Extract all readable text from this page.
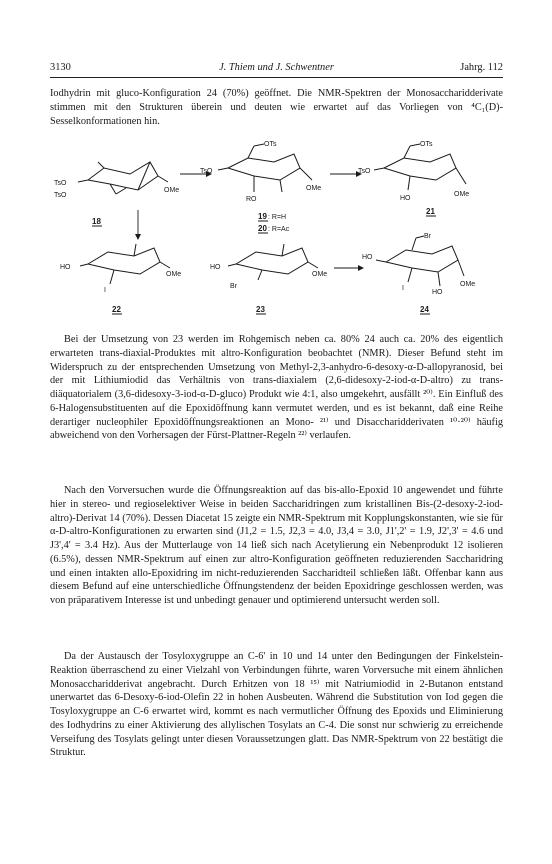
3130	J. Thiem und J. Schwentner	Jahrg. 112

Iodhydrin mit gluco-Konfiguration 24 (70%) geöffnet. Die NMR-Spektren der Monosaccharidderivate stimmen mit den Strukturen überein und deuten wie erwartet auf das Vorliegen von ⁴C₁(D)-Sesselkonformationen hin.

TsO
TsO
OMe
18
OTs
TsO
RO
OMe
19 : R=H
20 : R=Ac
OTs
TsO
HO
OMe
21
HO
I
OMe
22
HO
Br
OMe
23
Br
HO
I
HO
OMe
24

Bei der Umsetzung von 23 werden im Rohgemisch neben ca. 80% 24 auch ca. 20% des eigentlich erwarteten trans-diaxial-Produktes mit altro-Konfiguration beobachtet (NMR). Dieser Befund steht im Widerspruch zu der entsprechenden Umsetzung von Methyl-2,3-anhydro-6-desoxy-α-D-allopyranosid, bei der mit Lithiumiodid das Verhältnis von trans-diaxialem (2,6-didesoxy-2-iod-α-D-altro) zu trans-diäquatorialem (3,6-didesoxy-3-iod-α-D-gluco) Produkt wie 4:1, also umgekehrt, ausfällt ²⁰⁾. Ein Einfluß des 6-Halogensubstituenten auf die Epoxidöffnung kann vermutet werden, und es ist bekannt, daß eine Reihe derartiger nucleophiler Epoxidöffnungsreaktionen an Mono- ²¹⁾ und Disaccharidderivaten ¹⁰·²⁰⁾ häufig abweichend von den Vorhersagen der Fürst-Plattner-Regeln ²²⁾ verlaufen.

Nach den Vorversuchen wurde die Öffnungsreaktion auf das bis-allo-Epoxid 10 angewendet und führte hier in stereo- und regioselektiver Weise in beiden Saccharidringen zum kristallinen Bis-(2-desoxy-2-iod-altro)-Derivat 14 (70%). Dessen Diacetat 15 zeigte ein NMR-Spektrum mit Kopplungskonstanten, wie sie für α-D-altro-Konfigurationen zu erwarten sind (J1,2 = 1.5, J2,3 = 4.0, J3,4 = 3.0, J1',2' = 1.9, J2',3' = 4.6 und J3',4' = 3.4 Hz). Aus der Mutterlauge von 14 ließ sich nach Acetylierung ein Nebenprodukt 12 isolieren (6.5%), dessen NMR-Spektrum auf einen zur altro-Konfiguration geöffneten reduzierenden Saccharidring und einen intakten allo-Epoxidring im nicht-reduzierenden Saccharidteil schließen läßt. Offenbar kann aus diesem Befund auf eine unterschiedliche Öffnungstendenz der beiden Epoxidringe geschlossen werden, was von präparativem Interesse ist und unbedingt genauer und optimierend untersucht werden soll.

Da der Austausch der Tosyloxygruppe an C-6' in 10 und 14 unter den Bedingungen der Finkelstein-Reaktion überraschend zu einer Vielzahl von Verbindungen führte, waren Vorversuche mit einem ähnlichen Monosaccharidderivat angebracht. Durch Erhitzen von 18 ¹⁵⁾ mit Natriumiodid in 2-Butanon entstand unerwartet das 6-Desoxy-6-iod-Olefin 22 in hohen Ausbeuten. Während die Substitution von Iod gegen die Tosyloxygruppe an C-6 erwartet wird, kommt es nach vermutlicher Öffnung des Epoxids und Eliminierung des Iodhydrins zu einer Aktivierung des allylischen Tosylats an C-4. Die sonst nur schwierig zu erreichende Verseifung des Tosylats gelingt unter diesen Voraussetzungen glatt. Das NMR-Spektrum von 22 bestätigt die Struktur.
